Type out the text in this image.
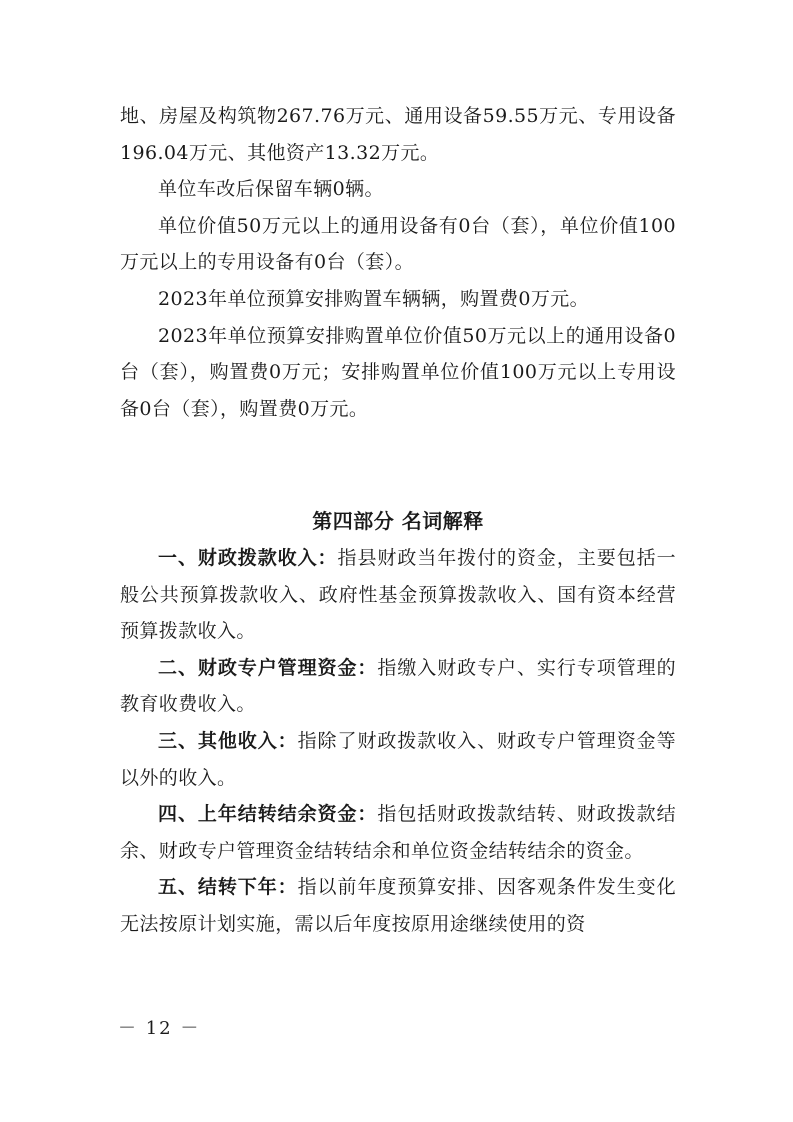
地、房屋及构筑物267.76万元、通用设备59.55万元、专用设备196.04万元、其他资产13.32万元。

单位车改后保留车辆0辆。

单位价值50万元以上的通用设备有0台（套），单位价值100万元以上的专用设备有0台（套）。

2023年单位预算安排购置车辆辆，购置费0万元。

2023年单位预算安排购置单位价值50万元以上的通用设备0台（套），购置费0万元；安排购置单位价值100万元以上专用设备0台（套），购置费0万元。

第四部分 名词解释

一、财政拨款收入：指县财政当年拨付的资金，主要包括一般公共预算拨款收入、政府性基金预算拨款收入、国有资本经营预算拨款收入。

二、财政专户管理资金：指缴入财政专户、实行专项管理的教育收费收入。

三、其他收入：指除了财政拨款收入、财政专户管理资金等以外的收入。

四、上年结转结余资金：指包括财政拨款结转、财政拨款结余、财政专户管理资金结转结余和单位资金结转结余的资金。

五、结转下年：指以前年度预算安排、因客观条件发生变化无法按原计划实施，需以后年度按原用途继续使用的资

－ 12 －
